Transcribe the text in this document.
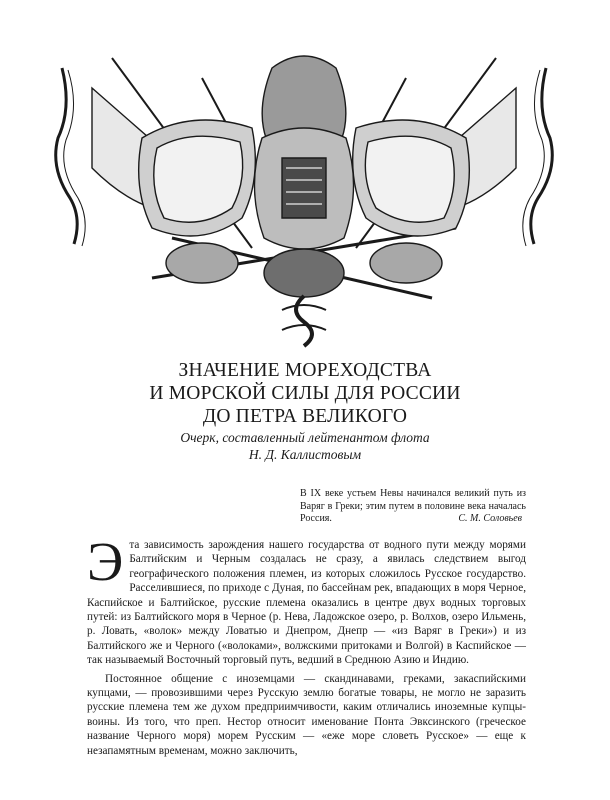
ЗНАЧЕНИЕ МОРЕХОДСТВА
И МОРСКОЙ СИЛЫ ДЛЯ РОССИИ
ДО ПЕТРА ВЕЛИКОГО
Очерк, составленный лейтенантом флота
Н. Д. Каллистовым
В IX веке устьем Невы начинался великий путь из Варяг в Греки; этим путем в половине века началась Россия.	С. М. Соловьев

Эта зависимость зарождения нашего государства от водного пути между морями Балтийским и Черным создалась не сразу, а явилась следствием выгод географического положения племен, из которых сложилось Русское государство. Расселившиеся, по приходе с Дуная, по бассейнам рек, впадающих в моря Черное, Каспийское и Балтийское, русские племена оказались в центре двух водных торговых путей: из Балтийского моря в Черное (р. Нева, Ладожское озеро, р. Волхов, озеро Ильмень, р. Ловать, «волок» между Ловатью и Днепром, Днепр — «из Варяг в Греки») и из Балтийского же и Черного («волоками», волжскими притоками и Волгой) в Каспийское — так называемый Восточный торговый путь, ведший в Среднюю Азию и Индию.

Постоянное общение с иноземцами — скандинавами, греками, закаспийскими купцами, — провозившими через Русскую землю богатые товары, не могло не заразить русские племена тем же духом предприимчивости, каким отличались иноземные купцы-воины. Из того, что преп. Нестор относит именование Понта Эвксинского (греческое название Черного моря) морем Русским — «еже море словеть Русское» — еще к незапамятным временам, можно заключить,
